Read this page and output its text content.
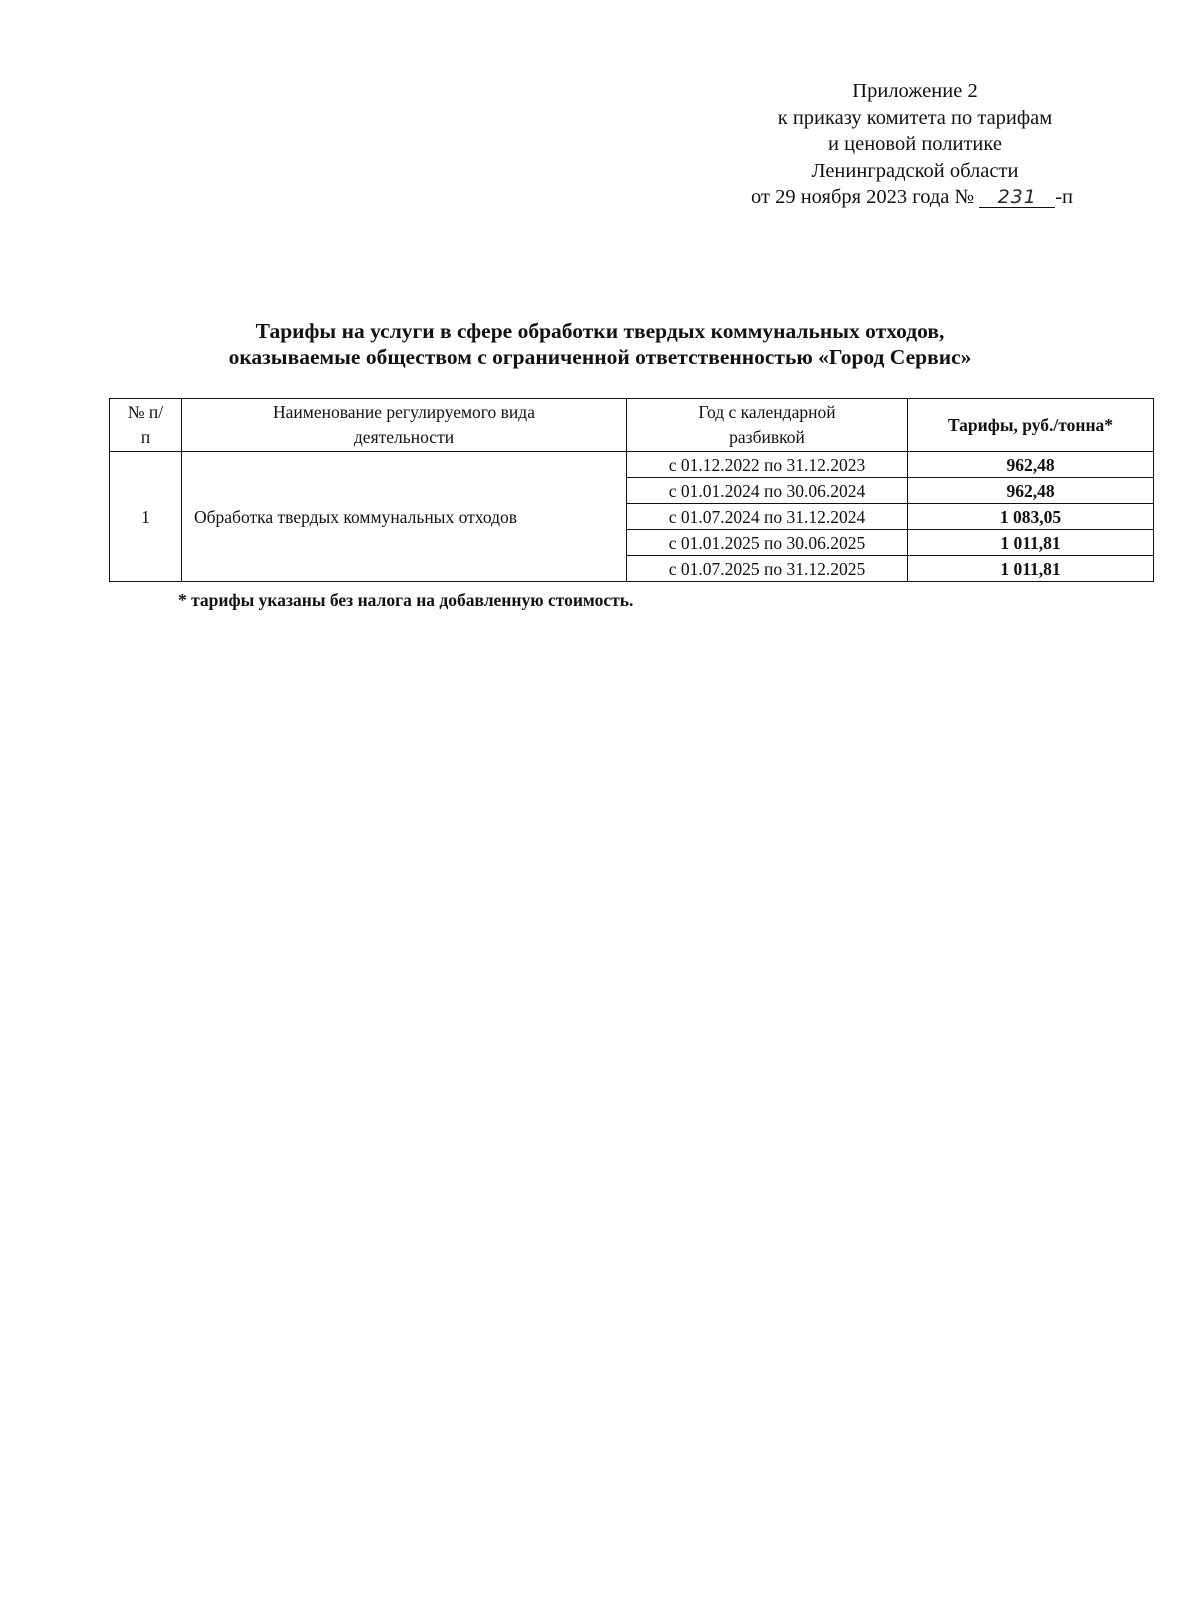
Приложение 2
к приказу комитета по тарифам
и ценовой политике
Ленинградской области
от 29 ноября 2023 года № 231 -п
Тарифы на услуги в сфере обработки твердых коммунальных отходов,
оказываемые обществом с ограниченной ответственностью «Город Сервис»
№ п/п	Наименование регулируемого вида деятельности	Год с календарной разбивкой	Тарифы, руб./тонна*
1	Обработка твердых коммунальных отходов	с 01.12.2022 по 31.12.2023	962,48
		с 01.01.2024 по 30.06.2024	962,48
		с 01.07.2024 по 31.12.2024	1 083,05
		с 01.01.2025 по 30.06.2025	1 011,81
		с 01.07.2025 по 31.12.2025	1 011,81
* тарифы указаны без налога на добавленную стоимость.
